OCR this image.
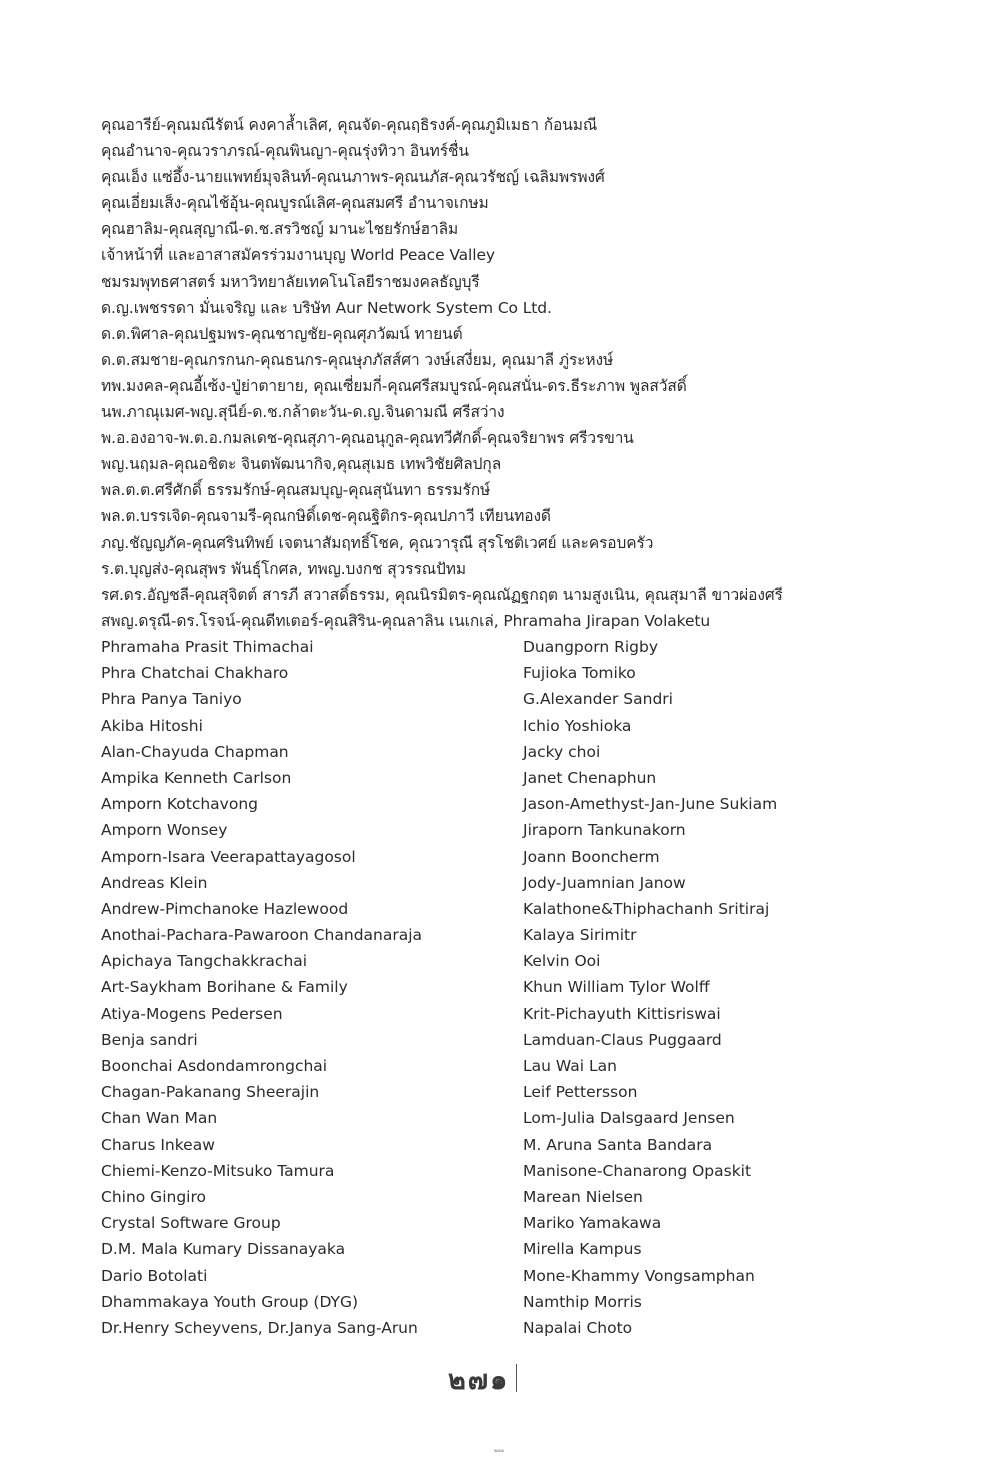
คุณอารีย์-คุณมณีรัตน์ คงคาล้ำเลิศ, คุณจัด-คุณฤธิรงค์-คุณภูมิเมธา ก้อนมณี
คุณอำนาจ-คุณวราภรณ์-คุณพินญา-คุณรุ่งทิวา อินทร์ชื่น
คุณเอ็ง แซ่อึ้ง-นายแพทย์มุจลินท์-คุณนภาพร-คุณนภัส-คุณวรัชญ์ เฉลิมพรพงศ์
คุณเอี่ยมเส็ง-คุณไช้อุ้น-คุณบูรณ์เลิศ-คุณสมศรี อำนาจเกษม
คุณฮาลิม-คุณสุญาณี-ด.ช.สรวิชญ์ มานะไชยรักษ์ฮาลิม
เจ้าหน้าที่ และอาสาสมัครร่วมงานบุญ World Peace Valley
ชมรมพุทธศาสตร์ มหาวิทยาลัยเทคโนโลยีราชมงคลธัญบุรี
ด.ญ.เพชรรดา มั่นเจริญ และ บริษัท Aur Network System Co Ltd.
ด.ต.พิศาล-คุณปฐมพร-คุณชาญชัย-คุณศุภวัฒน์ ทายนต์
ด.ต.สมชาย-คุณกรกนก-คุณธนกร-คุณษุภภัสส์ศา วงษ์เสงี่ยม, คุณมาลี ภู่ระหงษ์
ทพ.มงคล-คุณอี้เซ้ง-ปู่ย่าตายาย, คุณเซี่ยมกี่-คุณศรีสมบูรณ์-คุณสนั่น-ดร.ธีระภาพ พูลสวัสดิ์
นพ.ภาณุเมศ-พญ.สุนีย์-ด.ช.กล้าตะวัน-ด.ญ.จินดามณี ศรีสว่าง
พ.อ.องอาจ-พ.ต.อ.กมลเดช-คุณสุภา-คุณอนุกูล-คุณทวีศักดิ์-คุณจริยาพร ศรีวรขาน
พญ.นฤมล-คุณอชิตะ จินตพัฒนากิจ,คุณสุเมธ เทพวิชัยศิลปกุล
พล.ต.ต.ศรีศักดิ์ ธรรมรักษ์-คุณสมบุญ-คุณสุนันทา ธรรมรักษ์
พล.ต.บรรเจิด-คุณจามรี-คุณกษิดิ์เดช-คุณฐิติกร-คุณปภาวี เทียนทองดี
ภญ.ชัญญภัค-คุณศรินทิพย์ เจตนาสัมฤทธิ์โชค, คุณวารุณี สุรโชติเวศย์ และครอบครัว
ร.ต.บุญส่ง-คุณสุพร พันธุ์โกศล, ทพญ.บงกช สุวรรณปัทม
รศ.ดร.อัญชลี-คุณสุจิตต์ สารภี สวาสดิ์ธรรม, คุณนิรมิตร-คุณณัฏฐกฤต นามสูงเนิน, คุณสุมาลี ขาวผ่องศรี
สพญ.ดรุณี-ดร.โรจน์-คุณดีทเตอร์-คุณสิริน-คุณลาลิน เนเกเล่, Phramaha Jirapan Volaketu
Phramaha Prasit Thimachai
Phra Chatchai Chakharo
Phra Panya Taniyo
Akiba Hitoshi
Alan-Chayuda Chapman
Ampika Kenneth Carlson
Amporn Kotchavong
Amporn Wonsey
Amporn-Isara Veerapattayagosol
Andreas Klein
Andrew-Pimchanoke Hazlewood
Anothai-Pachara-Pawaroon Chandanaraja
Apichaya Tangchakkrachai
Art-Saykham Borihane & Family
Atiya-Mogens Pedersen
Benja sandri
Boonchai Asdondamrongchai
Chagan-Pakanang Sheerajin
Chan Wan Man
Charus Inkeaw
Chiemi-Kenzo-Mitsuko Tamura
Chino Gingiro
Crystal Software Group
D.M. Mala Kumary Dissanayaka
Dario Botolati
Dhammakaya Youth Group (DYG)
Dr.Henry Scheyvens, Dr.Janya Sang-Arun
Duangporn Rigby
Fujioka Tomiko
G.Alexander Sandri
Ichio Yoshioka
Jacky choi
Janet Chenaphun
Jason-Amethyst-Jan-June Sukiam
Jiraporn Tankunakorn
Joann Booncherm
Jody-Juamnian Janow
Kalathone&Thiphachanh Sritiraj
Kalaya Sirimitr
Kelvin Ooi
Khun William Tylor Wolff
Krit-Pichayuth Kittisriswai
Lamduan-Claus Puggaard
Lau Wai Lan
Leif Pettersson
Lom-Julia Dalsgaard Jensen
M. Aruna Santa Bandara
Manisone-Chanarong Opaskit
Marean Nielsen
Mariko Yamakawa
Mirella Kampus
Mone-Khammy Vongsamphan
Namthip Morris
Napalai Choto
๒๗๑
๒๗๑
